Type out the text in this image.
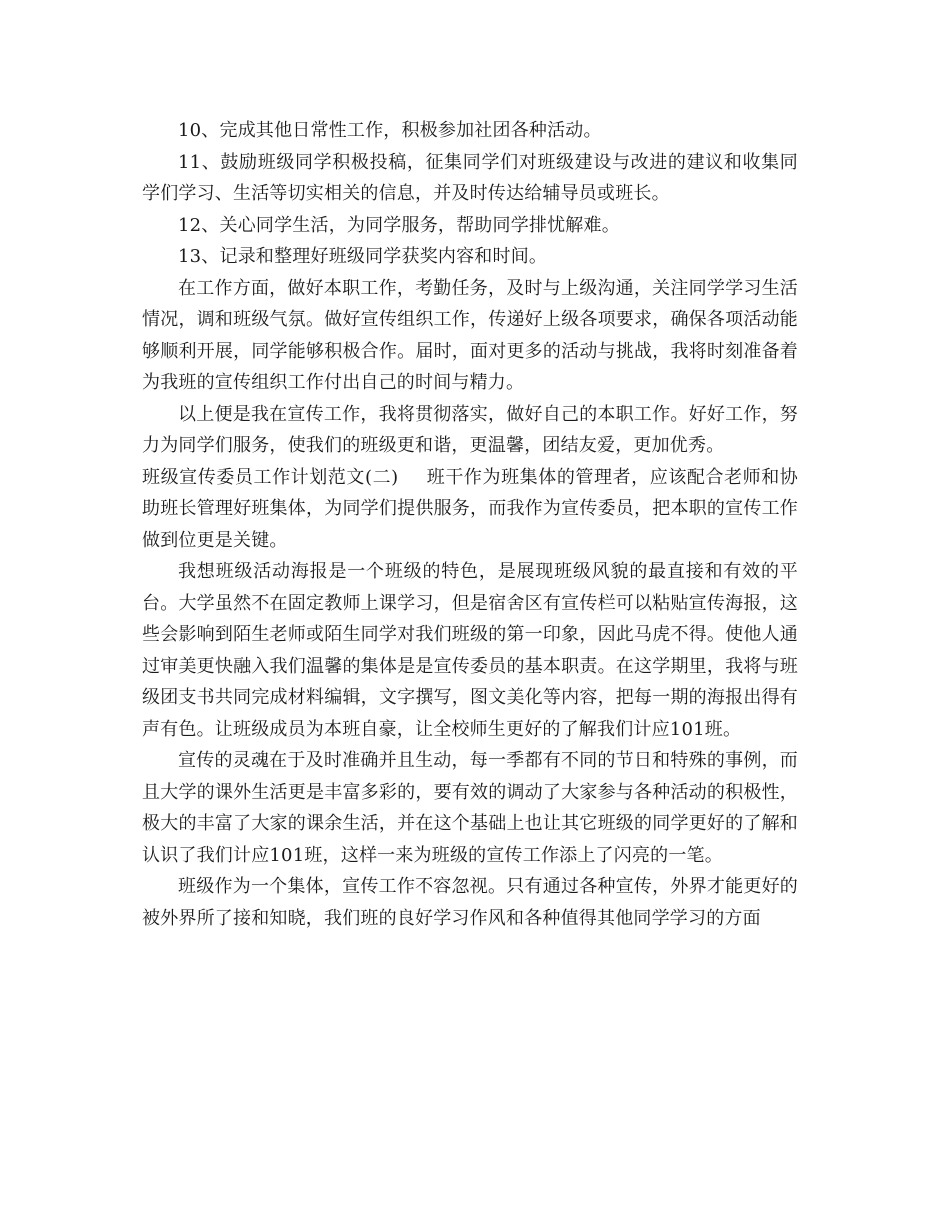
10、完成其他日常性工作，积极参加社团各种活动。

11、鼓励班级同学积极投稿，征集同学们对班级建设与改进的建议和收集同学们学习、生活等切实相关的信息，并及时传达给辅导员或班长。

12、关心同学生活，为同学服务，帮助同学排忧解难。

13、记录和整理好班级同学获奖内容和时间。

在工作方面，做好本职工作，考勤任务，及时与上级沟通，关注同学学习生活情况，调和班级气氛。做好宣传组织工作，传递好上级各项要求，确保各项活动能够顺利开展，同学能够积极合作。届时，面对更多的活动与挑战，我将时刻准备着为我班的宣传组织工作付出自己的时间与精力。

以上便是我在宣传工作，我将贯彻落实，做好自己的本职工作。好好工作，努力为同学们服务，使我们的班级更和谐，更温馨，团结友爱，更加优秀。

班级宣传委员工作计划范文(二) 班干作为班集体的管理者，应该配合老师和协助班长管理好班集体，为同学们提供服务，而我作为宣传委员，把本职的宣传工作做到位更是关键。

我想班级活动海报是一个班级的特色，是展现班级风貌的最直接和有效的平台。大学虽然不在固定教师上课学习，但是宿舍区有宣传栏可以粘贴宣传海报，这些会影响到陌生老师或陌生同学对我们班级的第一印象，因此马虎不得。使他人通过审美更快融入我们温馨的集体是是宣传委员的基本职责。在这学期里，我将与班级团支书共同完成材料编辑，文字撰写，图文美化等内容，把每一期的海报出得有声有色。让班级成员为本班自豪，让全校师生更好的了解我们计应101班。

宣传的灵魂在于及时准确并且生动，每一季都有不同的节日和特殊的事例，而且大学的课外生活更是丰富多彩的，要有效的调动了大家参与各种活动的积极性，极大的丰富了大家的课余生活，并在这个基础上也让其它班级的同学更好的了解和认识了我们计应101班，这样一来为班级的宣传工作添上了闪亮的一笔。

班级作为一个集体，宣传工作不容忽视。只有通过各种宣传，外界才能更好的被外界所了接和知晓，我们班的良好学习作风和各种值得其他同学学习的方面
